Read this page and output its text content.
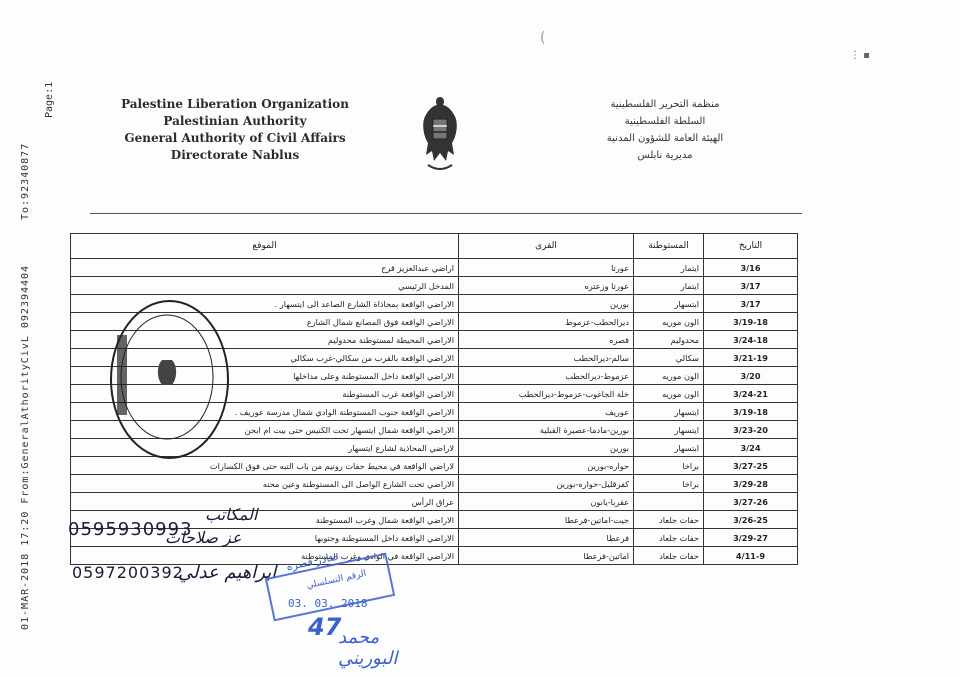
01-MAR-2018 17:20 From:GeneralAthorityCivL 092394404
To:92340877
Page:1
(
⋮ ▪
Palestine Liberation Organization
Palestinian Authority
General Authority of Civil Affairs
Directorate Nablus
منظمة التحرير الفلسطينية
السلطة الفلسطينية
الهيئة العامة للشؤون المدنية
مديرية نابلس
التاريخ	المستوطنة	القرى	الموقع
3/16	ايتمار	عورتا	اراضي عبدالعزيز قرح
3/17	ايتمار	عورتا وزعتره	المدخل الرئيسي
3/17	ايتسهار	بورين	الاراضي الواقعة بمحاذاة الشارع الصاعد الى ايتسهار .
3/19-18	الون موريه	ديرالحطب-عزموط	الاراضي الواقعة فوق المصانع شمال الشارع
3/24-18	محدوليم	قصره	الاراضي المحيطة لمستوطنة محدوليم
3/21-19	سكالي	سالم-ديرالحطب	الاراضي الواقعة بالقرب من سكالي-غرب سكالي
3/20	الون موريه	عزموط-ديرالحطب	الاراضي الواقعة داخل المستوطنة وعلى مداخلها
3/24-21	الون موريه	خلة الجاغوب-عزموط-ديرالحطب	الاراضي الواقعة غرب المستوطنة
3/19-18	ايتسهار	عوريف	الاراضي الواقعة جنوب المستوطنة الوادي شمال مدرسة عوريف .
3/23-20	ايتسهار	بورين-مادما-عصيرة القبلية	الاراضي الواقعة شمال ايتسهار تحت الكنيس حتى بيت ام ابحن
3/24	ايتسهار	بورين	لاراضي المحاذية لشارع ايتسهار
3/27-25	براخا	حواره-بورين	لاراضي الواقعة في محيط حفات رونيم من باب التبه حتى فوق الكسارات
3/29-28	براخا	كفرقليل-حواره-بورين	الاراضي تحت الشارع الواصل الى المستوطنة وعين محنه
3/27-26		عقربا-يانون	عراق الرأس
3/26-25	حفات جلعاد	جيت-اماتين-فرعطا	الاراضي الواقعة شمال وغرب المستوطنة
3/29-27	حفات جلعاد	فرعطا	الاراضي الواقعة داخل المستوطنة وجنوبها
4/11-9	حفات جلعاد	اماتين-فرعطا	الاراضي الواقعة في الوادي وغرب المستوطنة
المكاتب
0595930993
عز صلاحات
0597200392
ابراهيم عدلي صادر قصره
الرقم التسلسلي
03. 03. 2018
47
محمد البوريني
